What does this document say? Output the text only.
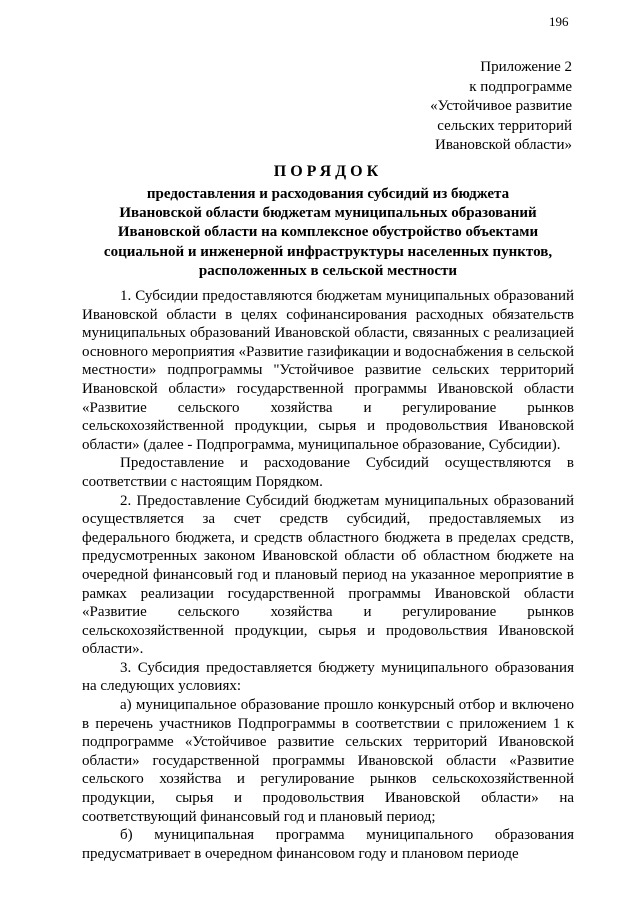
196
Приложение 2
к подпрограмме
«Устойчивое развитие
сельских территорий
Ивановской области»
ПОРЯДОК
предоставления и расходования субсидий из бюджета
Ивановской области бюджетам муниципальных образований
Ивановской области на комплексное обустройство объектами
социальной и инженерной инфраструктуры населенных пунктов,
расположенных в сельской местности

1. Субсидии предоставляются бюджетам муниципальных образований Ивановской области в целях софинансирования расходных обязательств муниципальных образований Ивановской области, связанных с реализацией основного мероприятия «Развитие газификации и водоснабжения в сельской местности» подпрограммы "Устойчивое развитие сельских территорий Ивановской области» государственной программы Ивановской области «Развитие сельского хозяйства и регулирование рынков сельскохозяйственной продукции, сырья и продовольствия Ивановской области» (далее - Подпрограмма, муниципальное образование, Субсидии).

Предоставление и расходование Субсидий осуществляются в соответствии с настоящим Порядком.

2. Предоставление Субсидий бюджетам муниципальных образований осуществляется за счет средств субсидий, предоставляемых из федерального бюджета, и средств областного бюджета в пределах средств, предусмотренных законом Ивановской области об областном бюджете на очередной финансовый год и плановый период на указанное мероприятие в рамках реализации государственной программы Ивановской области «Развитие сельского хозяйства и регулирование рынков сельскохозяйственной продукции, сырья и продовольствия Ивановской области».

3. Субсидия предоставляется бюджету муниципального образования на следующих условиях:

а) муниципальное образование прошло конкурсный отбор и включено в перечень участников Подпрограммы в соответствии с приложением 1 к подпрограмме «Устойчивое развитие сельских территорий Ивановской области» государственной программы Ивановской области «Развитие сельского хозяйства и регулирование рынков сельскохозяйственной продукции, сырья и продовольствия Ивановской области» на соответствующий финансовый год и плановый период;

б) муниципальная программа муниципального образования предусматривает в очередном финансовом году и плановом периоде
